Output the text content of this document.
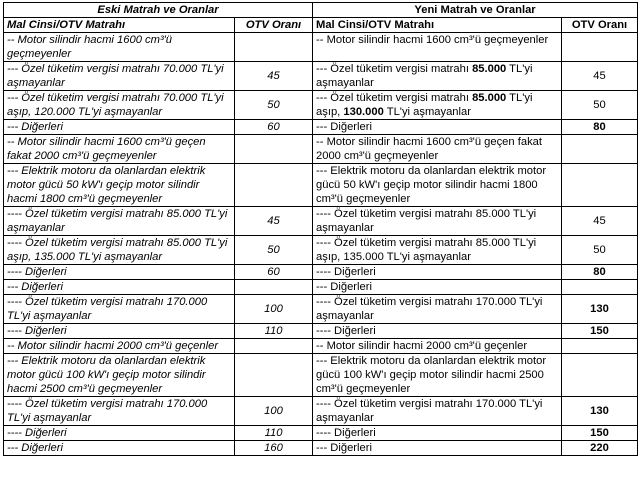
Eski Matrah ve Oranlar		Yeni Matrah ve Oranlar	
Mal Cinsi/OTV Matrahı	OTV Oranı	Mal Cinsi/OTV Matrahı	OTV Oranı
-- Motor silindir hacmi 1600 cm³'ü geçmeyenler		-- Motor silindir hacmi 1600 cm³'ü geçmeyenler	
--- Özel tüketim vergisi matrahı 70.000 TL'yi aşmayanlar	45	--- Özel tüketim vergisi matrahı 85.000 TL'yi aşmayanlar	45
--- Özel tüketim vergisi matrahı 70.000 TL'yi aşıp, 120.000 TL'yi aşmayanlar	50	--- Özel tüketim vergisi matrahı 85.000 TL'yi aşıp, 130.000 TL'yi aşmayanlar	50
--- Diğerleri	60	--- Diğerleri	80
-- Motor silindir hacmi 1600 cm³'ü geçen fakat 2000 cm³'ü geçmeyenler		-- Motor silindir hacmi 1600 cm³'ü geçen fakat 2000 cm³'ü geçmeyenler	
--- Elektrik motoru da olanlardan elektrik motor gücü 50 kW'ı geçip motor silindir hacmi 1800 cm³'ü geçmeyenler		--- Elektrik motoru da olanlardan elektrik motor gücü 50 kW'ı geçip motor silindir hacmi 1800 cm³'ü geçmeyenler	
---- Özel tüketim vergisi matrahı 85.000 TL'yi aşmayanlar	45	---- Özel tüketim vergisi matrahı 85.000 TL'yi aşmayanlar	45
---- Özel tüketim vergisi matrahı 85.000 TL'yi aşıp, 135.000 TL'yi aşmayanlar	50	---- Özel tüketim vergisi matrahı 85.000 TL'yi aşıp, 135.000 TL'yi aşmayanlar	50
---- Diğerleri	60	---- Diğerleri	80
--- Diğerleri		--- Diğerleri	
---- Özel tüketim vergisi matrahı 170.000 TL'yi aşmayanlar	100	---- Özel tüketim vergisi matrahı 170.000 TL'yi aşmayanlar	130
---- Diğerleri	110	---- Diğerleri	150
-- Motor silindir hacmi 2000 cm³'ü geçenler		-- Motor silindir hacmi 2000 cm³'ü geçenler	
--- Elektrik motoru da olanlardan elektrik motor gücü 100 kW'ı geçip motor silindir hacmi 2500 cm³'ü geçmeyenler		--- Elektrik motoru da olanlardan elektrik motor gücü 100 kW'ı geçip motor silindir hacmi 2500 cm³'ü geçmeyenler	
---- Özel tüketim vergisi matrahı 170.000 TL'yi aşmayanlar	100	---- Özel tüketim vergisi matrahı 170.000 TL'yi aşmayanlar	130
---- Diğerleri	110	---- Diğerleri	150
--- Diğerleri	160	--- Diğerleri	220
